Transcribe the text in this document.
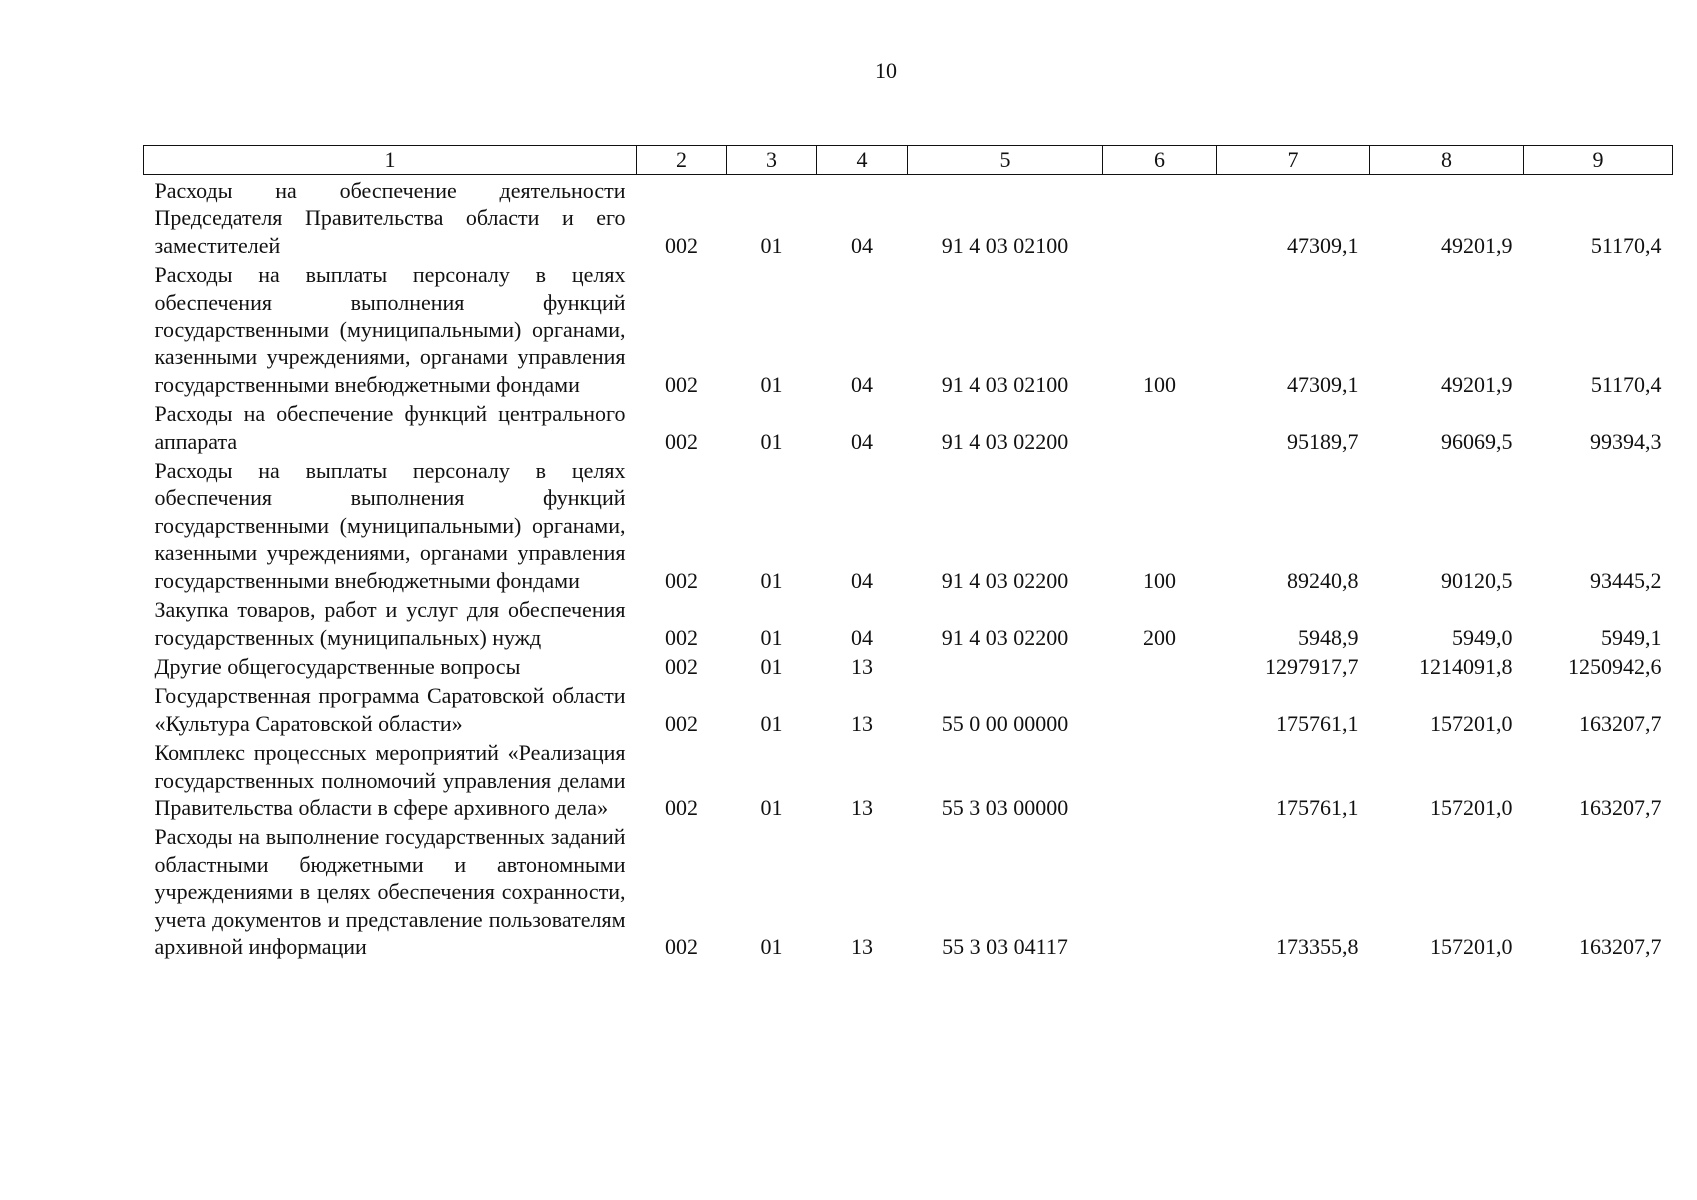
10
1	2	3	4	5	6	7	8	9
Расходы на обеспечение деятельности Председателя Правительства области и его заместителей	002	01	04	91 4 03 02100		47309,1	49201,9	51170,4
Расходы на выплаты персоналу в целях обеспечения выполнения функций государственными (муниципальными) органами, казенными учреждениями, органами управления государственными внебюджетными фондами	002	01	04	91 4 03 02100	100	47309,1	49201,9	51170,4
Расходы на обеспечение функций центрального аппарата	002	01	04	91 4 03 02200		95189,7	96069,5	99394,3
Расходы на выплаты персоналу в целях обеспечения выполнения функций государственными (муниципальными) органами, казенными учреждениями, органами управления государственными внебюджетными фондами	002	01	04	91 4 03 02200	100	89240,8	90120,5	93445,2
Закупка товаров, работ и услуг для обеспечения государственных (муниципальных) нужд	002	01	04	91 4 03 02200	200	5948,9	5949,0	5949,1
Другие общегосударственные вопросы	002	01	13			1297917,7	1214091,8	1250942,6
Государственная программа Саратовской области «Культура Саратовской области»	002	01	13	55 0 00 00000		175761,1	157201,0	163207,7
Комплекс процессных мероприятий «Реализация государственных полномочий управления делами Правительства области в сфере архивного дела»	002	01	13	55 3 03 00000		175761,1	157201,0	163207,7
Расходы на выполнение государственных заданий областными бюджетными и автономными учреждениями в целях обеспечения сохранности, учета документов и представление пользователям архивной информации	002	01	13	55 3 03 04117		173355,8	157201,0	163207,7
